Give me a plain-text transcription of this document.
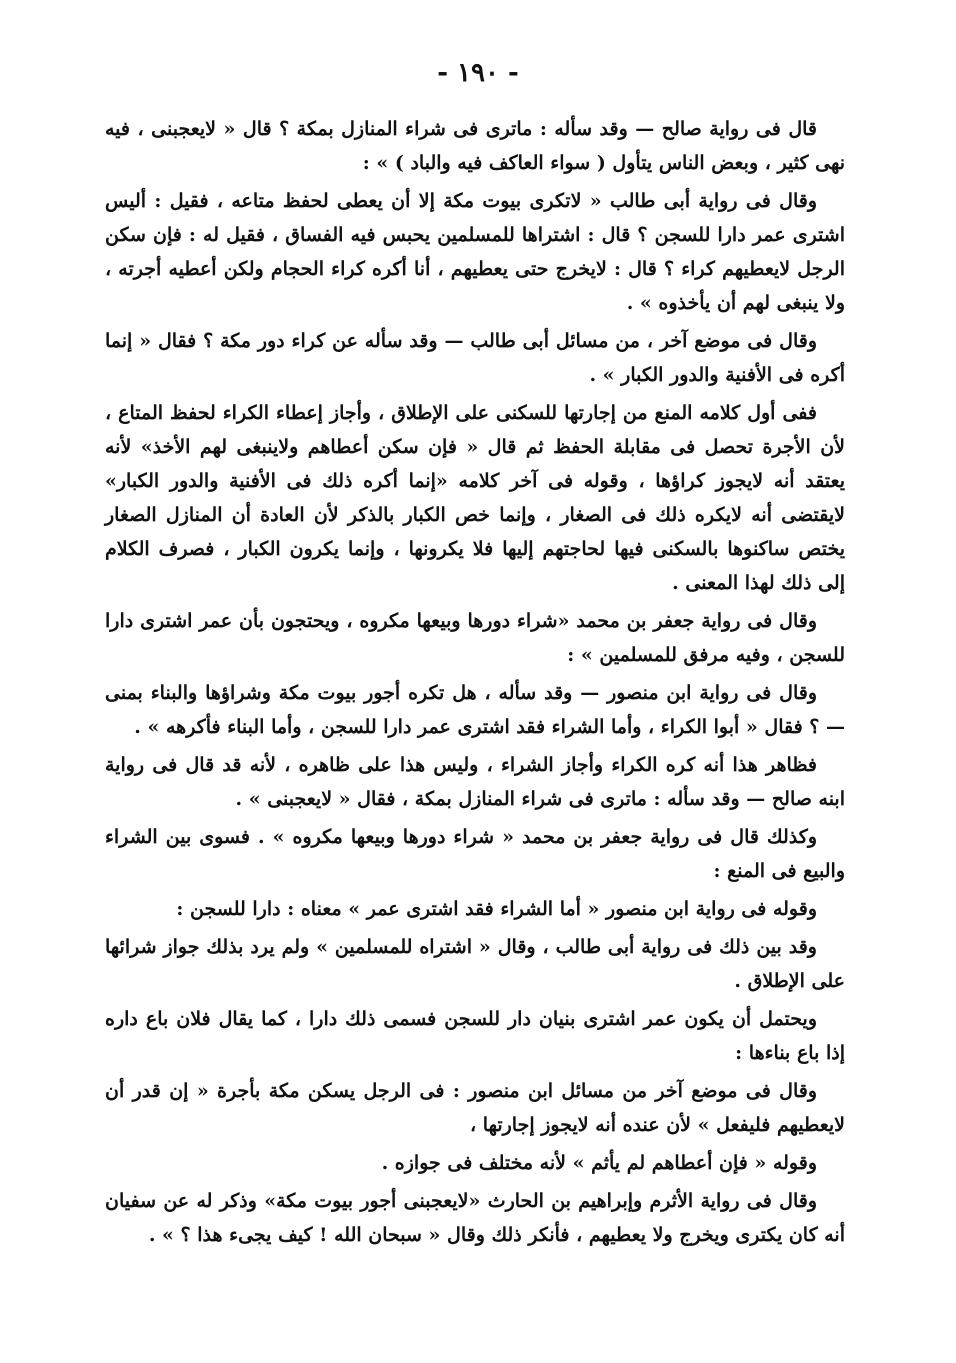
- ١٩٠ -

قال فى رواية صالح — وقد سأله : ماترى فى شراء المنازل بمكة ؟ قال « لايعجبنى ، فيه نهى كثير ، وبعض الناس يتأول ( سواء العاكف فيه والباد ) » :

وقال فى رواية أبى طالب « لاتكرى بيوت مكة إلا أن يعطى لحفظ متاعه ، فقيل : أليس اشترى عمر دارا للسجن ؟ قال : اشتراها للمسلمين يحبس فيه الفساق ، فقيل له : فإن سكن الرجل لايعطيهم كراء ؟ قال : لايخرج حتى يعطيهم ، أنا أكره كراء الحجام ولكن أعطيه أجرته ، ولا ينبغى لهم أن يأخذوه » .

وقال فى موضع آخر ، من مسائل أبى طالب — وقد سأله عن كراء دور مكة ؟ فقال « إنما أكره فى الأفنية والدور الكبار » .

ففى أول كلامه المنع من إجارتها للسكنى على الإطلاق ، وأجاز إعطاء الكراء لحفظ المتاع ، لأن الأجرة تحصل فى مقابلة الحفظ ثم قال « فإن سكن أعطاهم ولاينبغى لهم الأخذ» لأنه يعتقد أنه لايجوز كراؤها ، وقوله فى آخر كلامه «إنما أكره ذلك فى الأفنية والدور الكبار» لايقتضى أنه لايكره ذلك فى الصغار ، وإنما خص الكبار بالذكر لأن العادة أن المنازل الصغار يختص ساكنوها بالسكنى فيها لحاجتهم إليها فلا يكرونها ، وإنما يكرون الكبار ، فصرف الكلام إلى ذلك لهذا المعنى .

وقال فى رواية جعفر بن محمد «شراء دورها وبيعها مكروه ، ويحتجون بأن عمر اشترى دارا للسجن ، وفيه مرفق للمسلمين » :

وقال فى رواية ابن منصور — وقد سأله ، هل تكره أجور بيوت مكة وشراؤها والبناء بمنى — ؟ فقال « أبوا الكراء ، وأما الشراء فقد اشترى عمر دارا للسجن ، وأما البناء فأكرهه » .

فظاهر هذا أنه كره الكراء وأجاز الشراء ، وليس هذا على ظاهره ، لأنه قد قال فى رواية ابنه صالح — وقد سأله : ماترى فى شراء المنازل بمكة ، فقال « لايعجبنى » .

وكذلك قال فى رواية جعفر بن محمد « شراء دورها وبيعها مكروه » . فسوى بين الشراء والبيع فى المنع :

وقوله فى رواية ابن منصور « أما الشراء فقد اشترى عمر » معناه : دارا للسجن :

وقد بين ذلك فى رواية أبى طالب ، وقال « اشتراه للمسلمين » ولم يرد بذلك جواز شرائها على الإطلاق .

ويحتمل أن يكون عمر اشترى بنيان دار للسجن فسمى ذلك دارا ، كما يقال فلان باع داره إذا باع بناءها :

وقال فى موضع آخر من مسائل ابن منصور : فى الرجل يسكن مكة بأجرة « إن قدر أن لايعطيهم فليفعل » لأن عنده أنه لايجوز إجارتها ،

وقوله « فإن أعطاهم لم يأثم » لأنه مختلف فى جوازه .

وقال فى رواية الأثرم وإبراهيم بن الحارث «لايعجبنى أجور بيوت مكة» وذكر له عن سفيان أنه كان يكترى ويخرج ولا يعطيهم ، فأنكر ذلك وقال « سبحان الله ! كيف يجىء هذا ؟ » .
